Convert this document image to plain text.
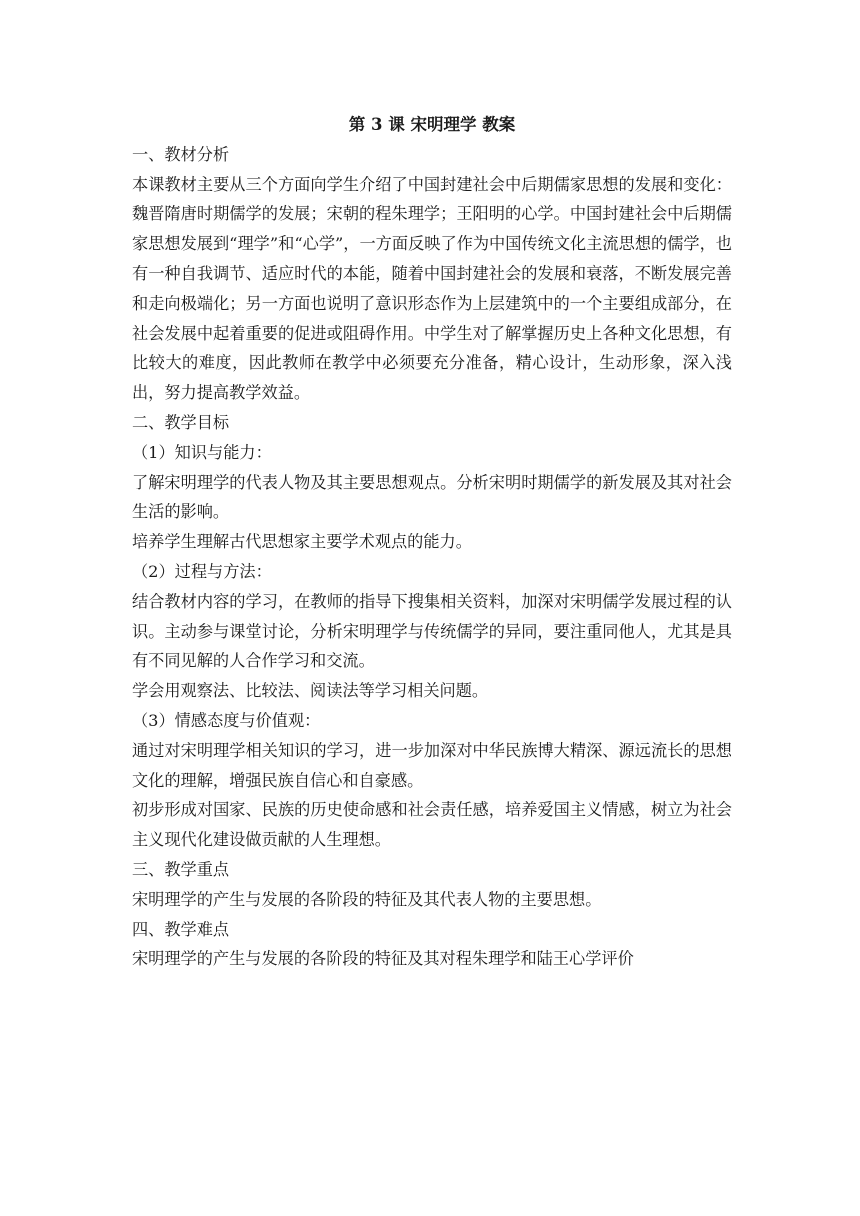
第 3 课 宋明理学 教案

一、教材分析

本课教材主要从三个方面向学生介绍了中国封建社会中后期儒家思想的发展和变化：魏晋隋唐时期儒学的发展；宋朝的程朱理学；王阳明的心学。中国封建社会中后期儒家思想发展到“理学”和“心学”，一方面反映了作为中国传统文化主流思想的儒学，也有一种自我调节、适应时代的本能，随着中国封建社会的发展和衰落，不断发展完善和走向极端化；另一方面也说明了意识形态作为上层建筑中的一个主要组成部分，在社会发展中起着重要的促进或阻碍作用。中学生对了解掌握历史上各种文化思想，有比较大的难度，因此教师在教学中必须要充分准备，精心设计，生动形象，深入浅出，努力提高教学效益。

二、教学目标

（1）知识与能力：

了解宋明理学的代表人物及其主要思想观点。分析宋明时期儒学的新发展及其对社会生活的影响。

培养学生理解古代思想家主要学术观点的能力。

（2）过程与方法：

结合教材内容的学习，在教师的指导下搜集相关资料，加深对宋明儒学发展过程的认识。主动参与课堂讨论，分析宋明理学与传统儒学的异同，要注重同他人，尤其是具有不同见解的人合作学习和交流。

学会用观察法、比较法、阅读法等学习相关问题。

（3）情感态度与价值观：

通过对宋明理学相关知识的学习，进一步加深对中华民族博大精深、源远流长的思想文化的理解，增强民族自信心和自豪感。

初步形成对国家、民族的历史使命感和社会责任感，培养爱国主义情感，树立为社会主义现代化建设做贡献的人生理想。

三、教学重点

宋明理学的产生与发展的各阶段的特征及其代表人物的主要思想。

四、教学难点

宋明理学的产生与发展的各阶段的特征及其对程朱理学和陆王心学评价
